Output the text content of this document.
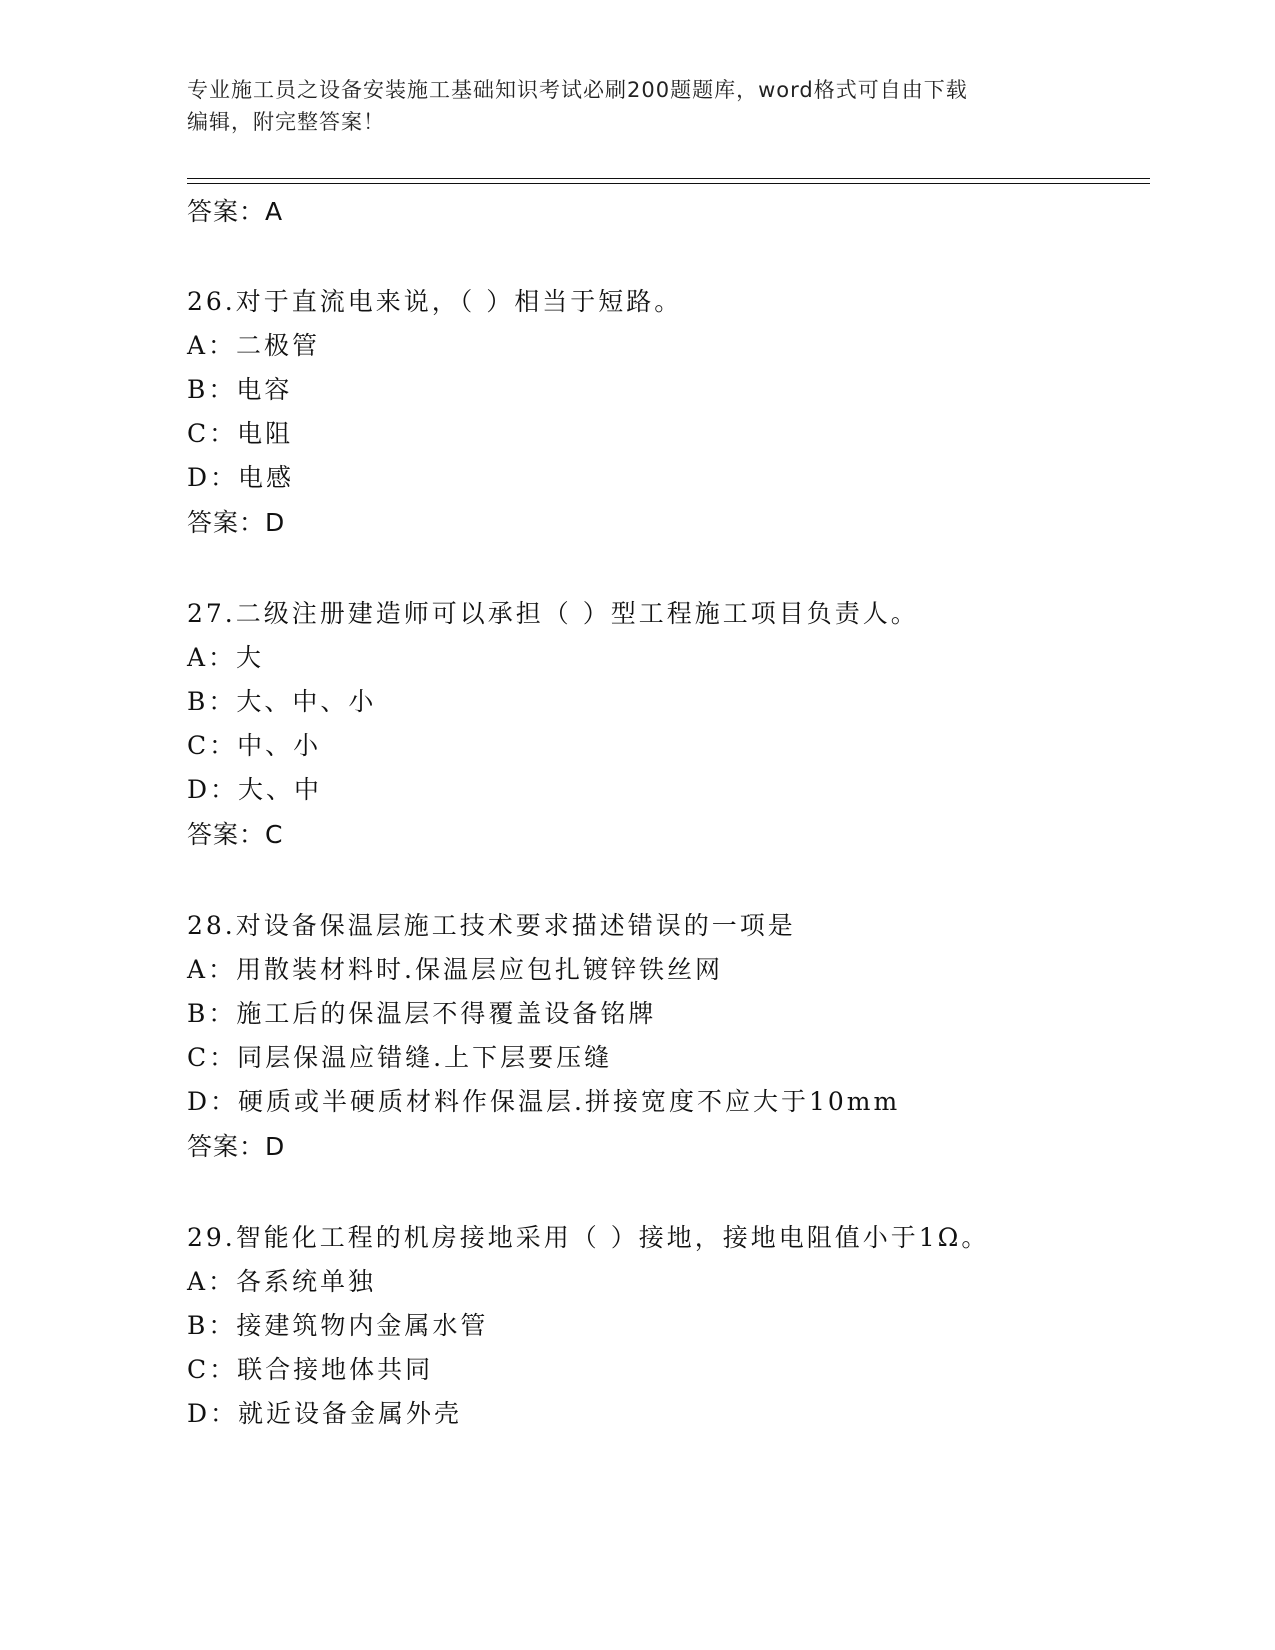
专业施工员之设备安装施工基础知识考试必刷200题题库，word格式可自由下载
编辑，附完整答案！
答案：A
26.对于直流电来说，（ ）相当于短路。
A：二极管
B：电容
C：电阻
D：电感
答案：D
27.二级注册建造师可以承担（ ）型工程施工项目负责人。
A：大
B：大、中、小
C：中、小
D：大、中
答案：C
28.对设备保温层施工技术要求描述错误的一项是
A：用散装材料时.保温层应包扎镀锌铁丝网
B：施工后的保温层不得覆盖设备铭牌
C：同层保温应错缝.上下层要压缝
D：硬质或半硬质材料作保温层.拼接宽度不应大于10mm
答案：D
29.智能化工程的机房接地采用（ ）接地，接地电阻值小于1Ω。
A：各系统单独
B：接建筑物内金属水管
C：联合接地体共同
D：就近设备金属外壳
